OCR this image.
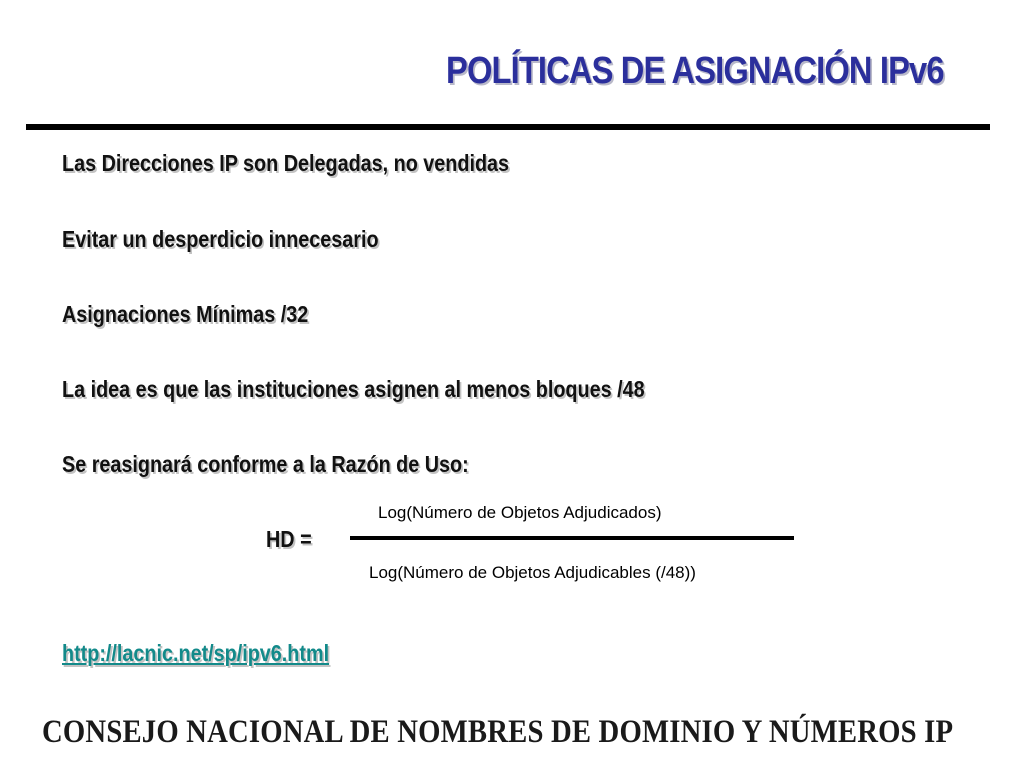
POLÍTICAS DE ASIGNACIÓN IPv6

Las Direcciones IP son Delegadas, no vendidas

Evitar un desperdicio innecesario

Asignaciones Mínimas /32

La idea es que las instituciones asignen al menos bloques /48

Se reasignará conforme a la Razón de Uso:

HD =
Log(Número de Objetos Adjudicados)
Log(Número de Objetos Adjudicables (/48))
http://lacnic.net/sp/ipv6.html
CONSEJO NACIONAL DE NOMBRES DE DOMINIO Y NÚMEROS IP
